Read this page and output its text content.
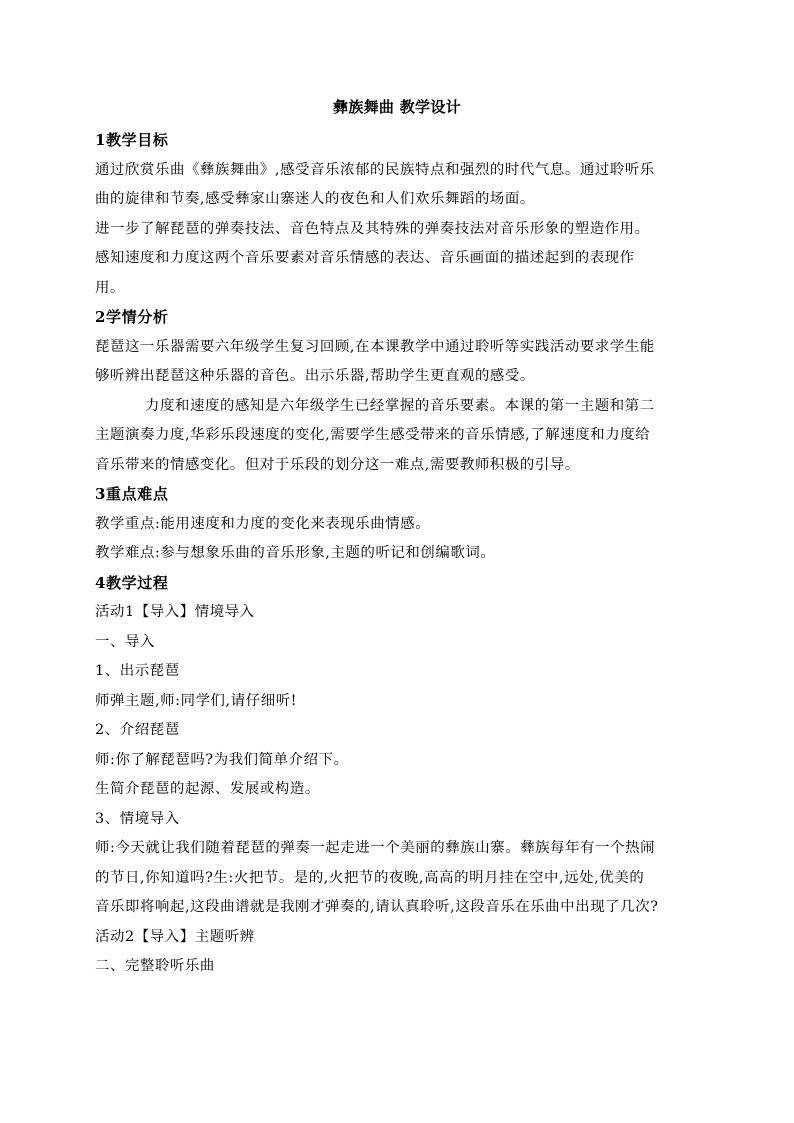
彝族舞曲 教学设计
1教学目标
通过欣赏乐曲《彝族舞曲》,感受音乐浓郁的民族特点和强烈的时代气息。通过聆听乐
曲的旋律和节奏,感受彝家山寨迷人的夜色和人们欢乐舞蹈的场面。
进一步了解琵琶的弹奏技法、音色特点及其特殊的弹奏技法对音乐形象的塑造作用。
感知速度和力度这两个音乐要素对音乐情感的表达、音乐画面的描述起到的表现作
用。
2学情分析
琵琶这一乐器需要六年级学生复习回顾,在本课教学中通过聆听等实践活动要求学生能
够听辨出琵琶这种乐器的音色。出示乐器,帮助学生更直观的感受。
力度和速度的感知是六年级学生已经掌握的音乐要素。本课的第一主题和第二
主题演奏力度,华彩乐段速度的变化,需要学生感受带来的音乐情感,了解速度和力度给
音乐带来的情感变化。但对于乐段的划分这一难点,需要教师积极的引导。
3重点难点
教学重点:能用速度和力度的变化来表现乐曲情感。
教学难点:参与想象乐曲的音乐形象,主题的听记和创编歌词。
4教学过程
活动1【导入】情境导入
一、导入
1、出示琵琶
师弹主题,师:同学们,请仔细听!
2、介绍琵琶
师:你了解琵琶吗?为我们简单介绍下。
生简介琵琶的起源、发展或构造。
3、情境导入
师:今天就让我们随着琵琶的弹奏一起走进一个美丽的彝族山寨。彝族每年有一个热闹
的节日,你知道吗?生:火把节。是的,火把节的夜晚,高高的明月挂在空中,远处,优美的
音乐即将响起,这段曲谱就是我刚才弹奏的,请认真聆听,这段音乐在乐曲中出现了几次?
活动2【导入】主题听辨
二、完整聆听乐曲
